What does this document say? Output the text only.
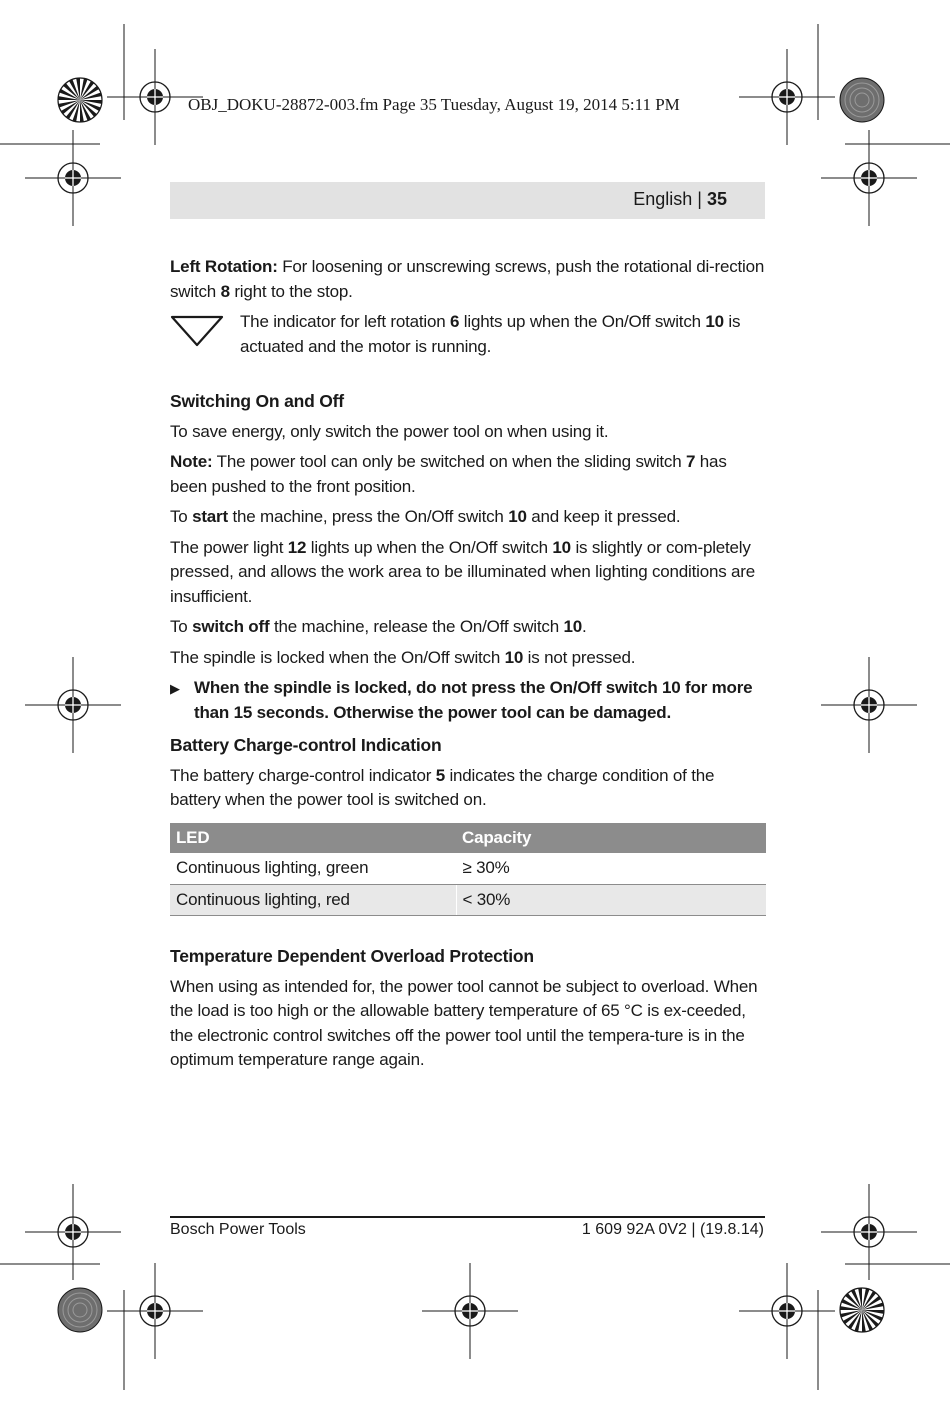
OBJ_DOKU-28872-003.fm Page 35 Tuesday, August 19, 2014 5:11 PM
English | 35

Left Rotation: For loosening or unscrewing screws, push the rotational di-rection switch 8 right to the stop.

The indicator for left rotation 6 lights up when the On/Off switch 10 is actuated and the motor is running.
Switching On and Off

To save energy, only switch the power tool on when using it.

Note: The power tool can only be switched on when the sliding switch 7 has been pushed to the front position.

To start the machine, press the On/Off switch 10 and keep it pressed.

The power light 12 lights up when the On/Off switch 10 is slightly or com-pletely pressed, and allows the work area to be illuminated when lighting conditions are insufficient.

To switch off the machine, release the On/Off switch 10.

The spindle is locked when the On/Off switch 10 is not pressed.

▶ When the spindle is locked, do not press the On/Off switch 10 for more than 15 seconds. Otherwise the power tool can be damaged.
Battery Charge-control Indication

The battery charge-control indicator 5 indicates the charge condition of the battery when the power tool is switched on.

LED	Capacity
Continuous lighting, green	≥ 30%
Continuous lighting, red	< 30%
Temperature Dependent Overload Protection

When using as intended for, the power tool cannot be subject to overload. When the load is too high or the allowable battery temperature of 65 °C is ex-ceeded, the electronic control switches off the power tool until the tempera-ture is in the optimum temperature range again.

Bosch Power Tools	1 609 92A 0V2 | (19.8.14)
